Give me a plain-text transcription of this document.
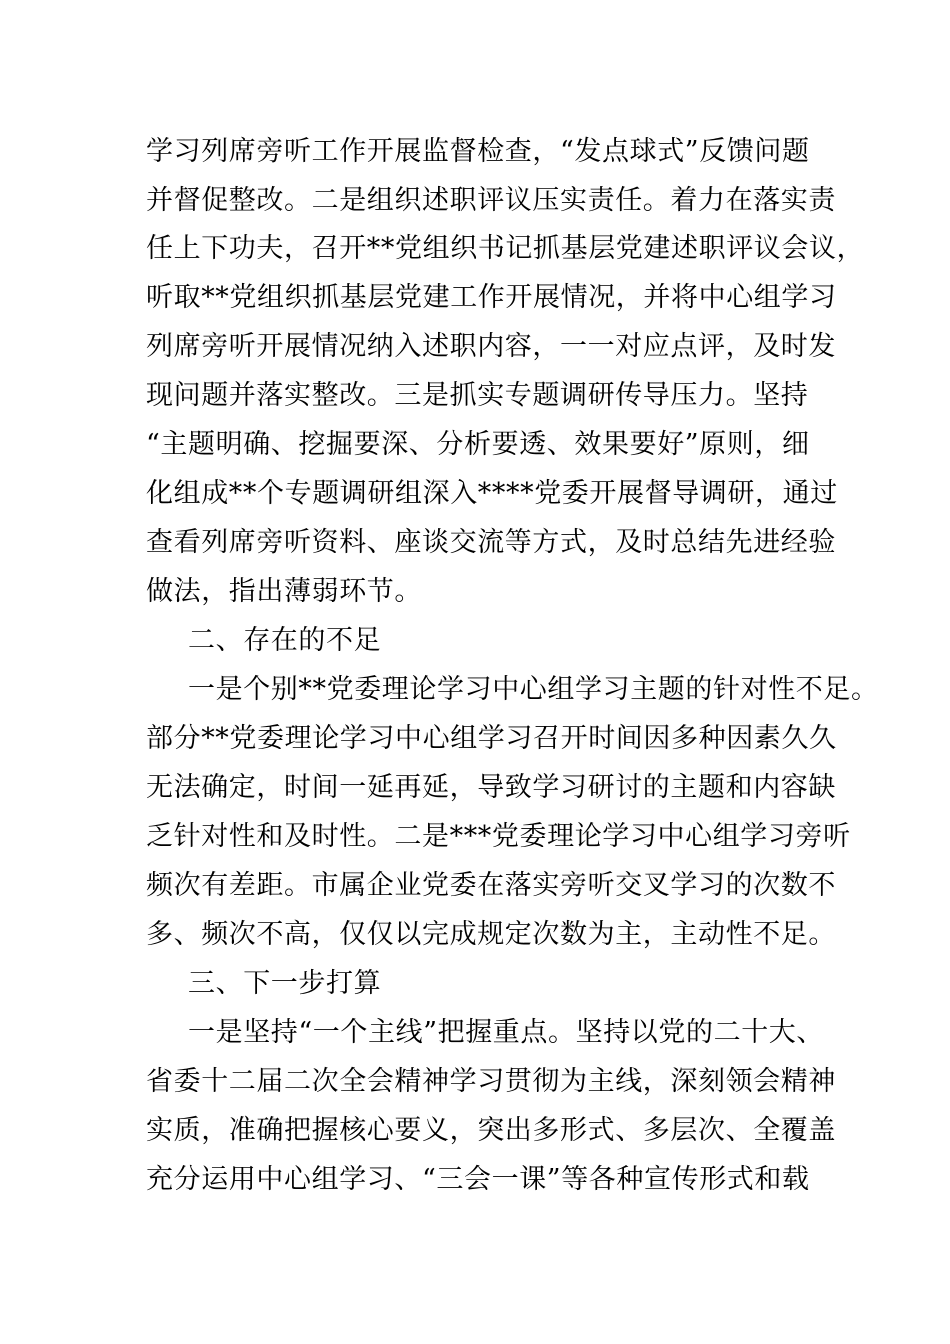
学习列席旁听工作开展监督检查，“发点球式”反馈问题
并督促整改。二是组织述职评议压实责任。着力在落实责
任上下功夫，召开**党组织书记抓基层党建述职评议会议，
听取**党组织抓基层党建工作开展情况，并将中心组学习
列席旁听开展情况纳入述职内容，一一对应点评，及时发
现问题并落实整改。三是抓实专题调研传导压力。坚持
“主题明确、挖掘要深、分析要透、效果要好”原则，细
化组成**个专题调研组深入****党委开展督导调研，通过
查看列席旁听资料、座谈交流等方式，及时总结先进经验
做法，指出薄弱环节。
二、存在的不足
一是个别**党委理论学习中心组学习主题的针对性不足。
部分**党委理论学习中心组学习召开时间因多种因素久久
无法确定，时间一延再延，导致学习研讨的主题和内容缺
乏针对性和及时性。二是***党委理论学习中心组学习旁听
频次有差距。市属企业党委在落实旁听交叉学习的次数不
多、频次不高，仅仅以完成规定次数为主，主动性不足。
三、下一步打算
一是坚持“一个主线”把握重点。坚持以党的二十大、
省委十二届二次全会精神学习贯彻为主线，深刻领会精神
实质，准确把握核心要义，突出多形式、多层次、全覆盖
充分运用中心组学习、“三会一课”等各种宣传形式和载
